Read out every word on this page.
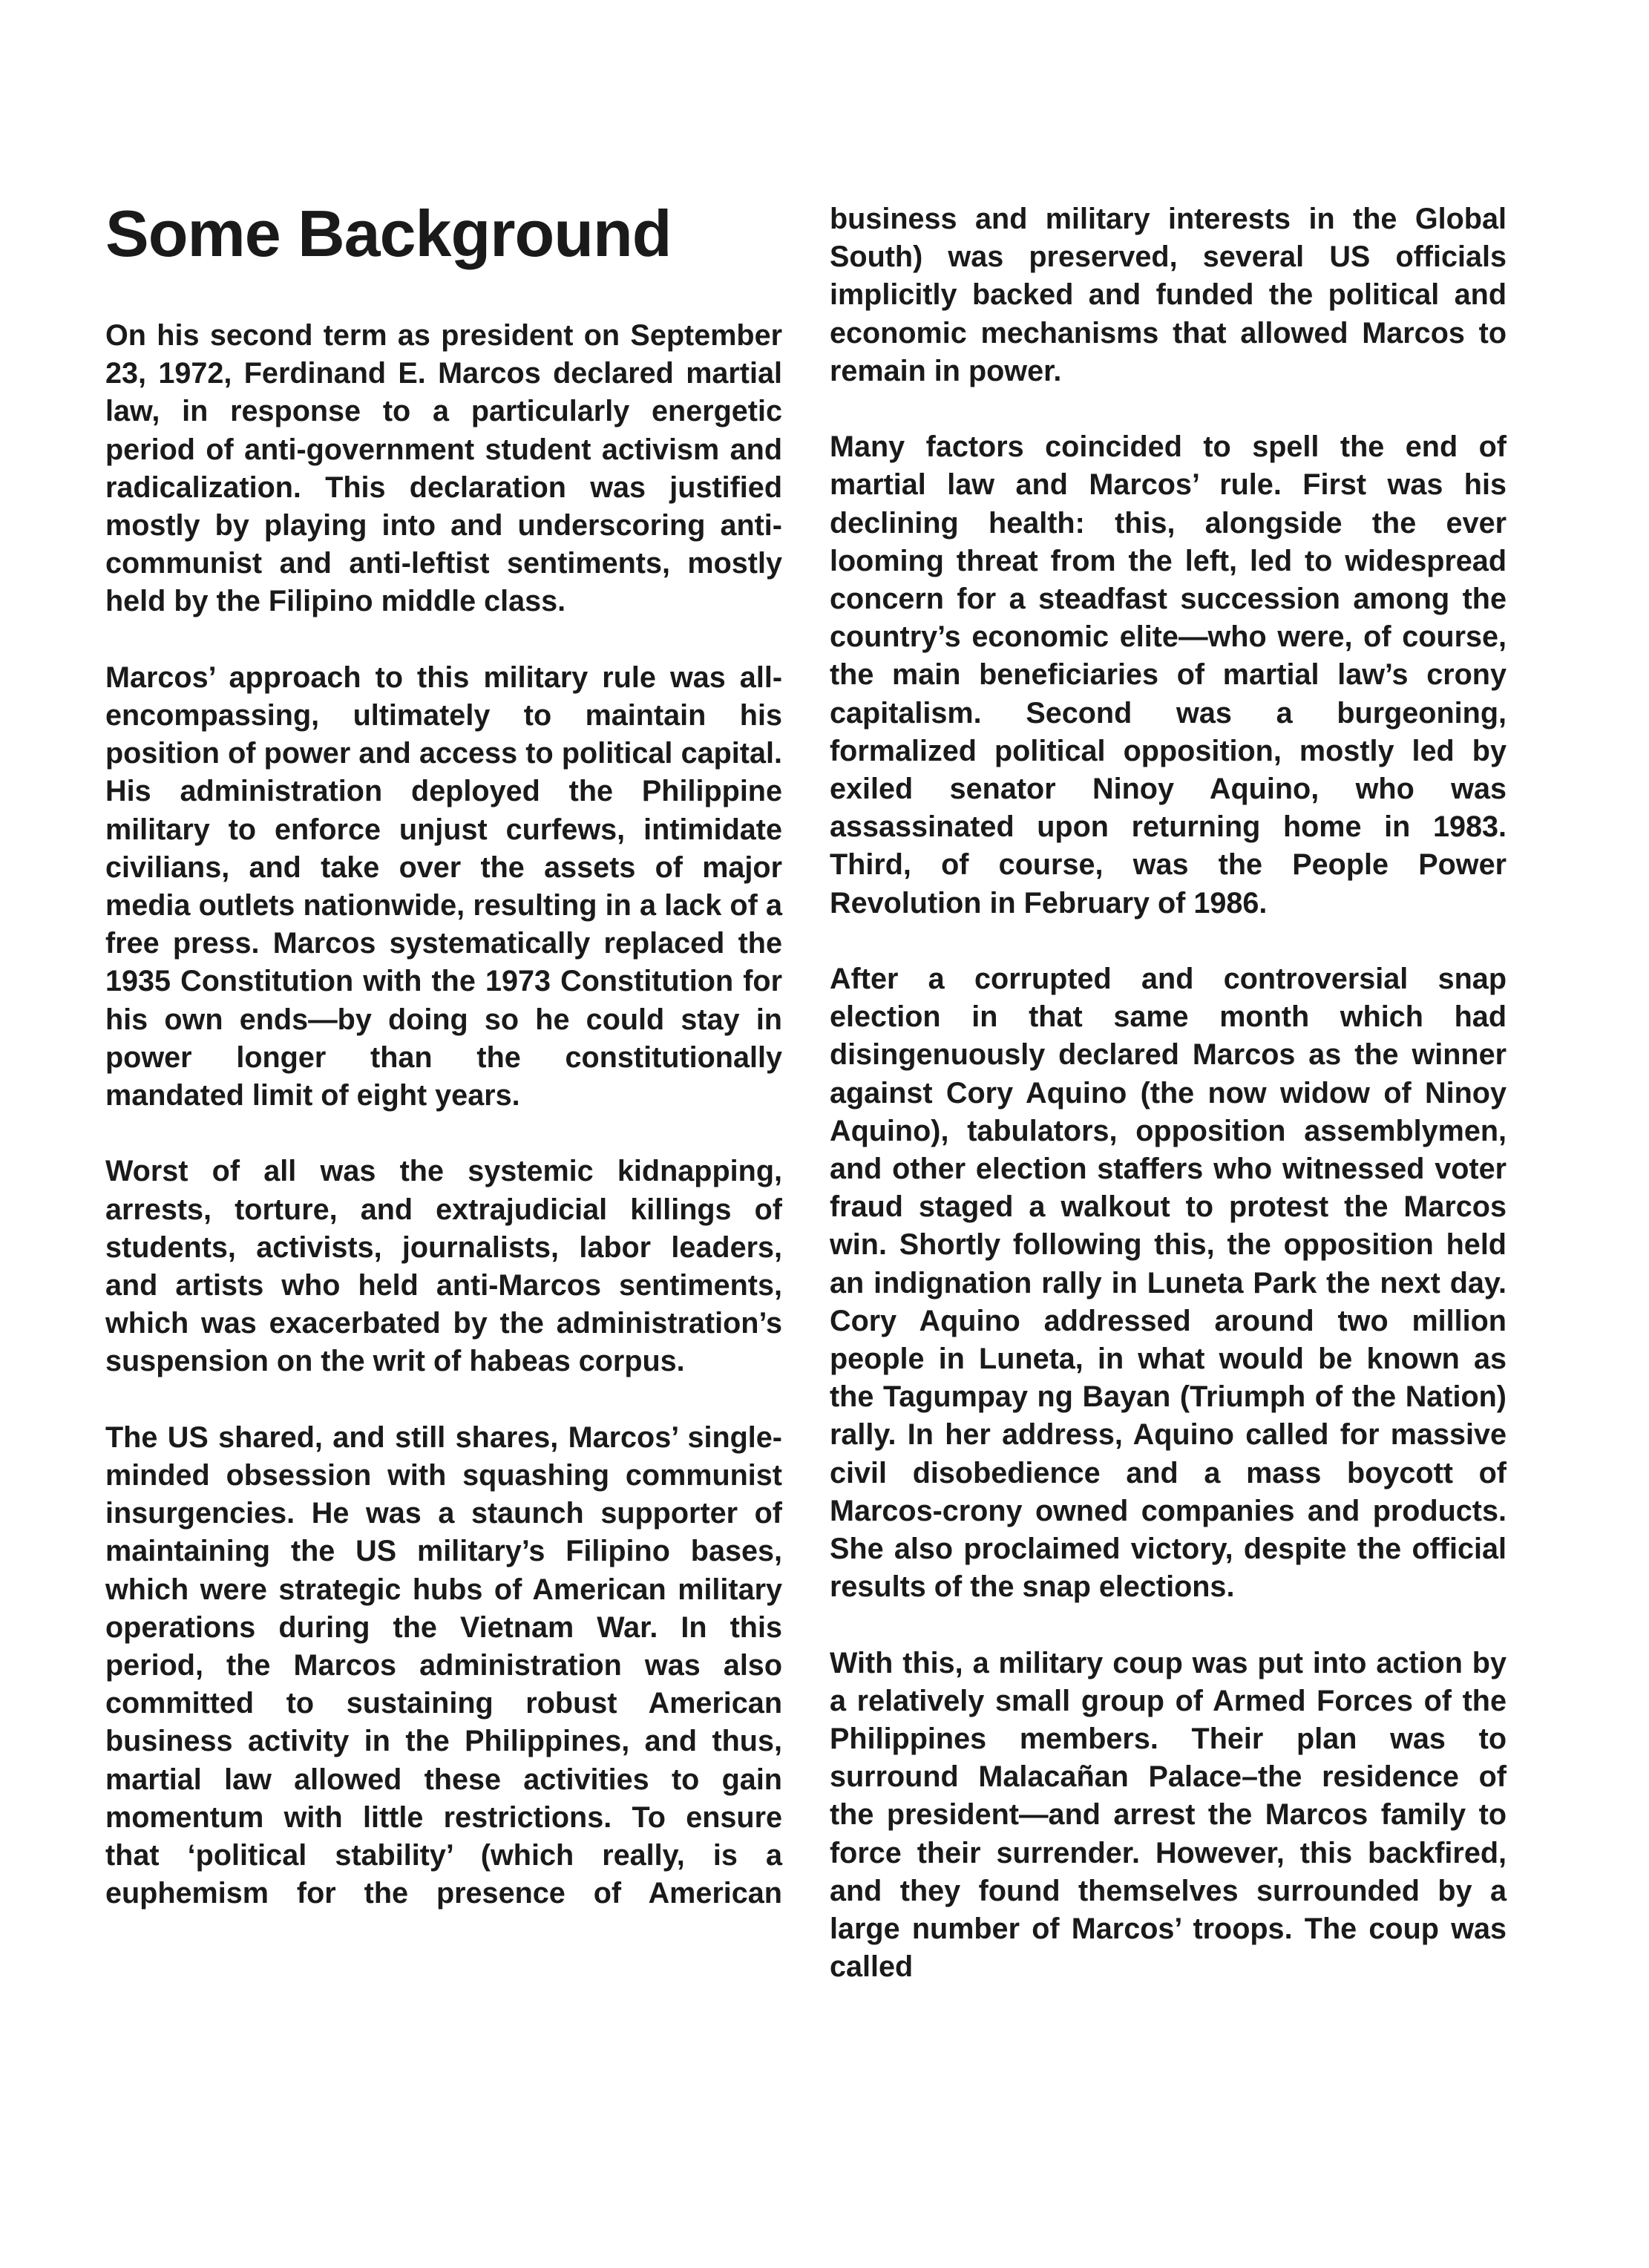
Some Background

On his second term as president on September 23, 1972, Ferdinand E. Marcos declared martial law, in response to a particularly energetic period of anti-government student activism and radicalization. This declaration was justified mostly by playing into and underscoring anti-communist and anti-leftist sentiments, mostly held by the Filipino middle class.

Marcos’ approach to this military rule was all-encompassing, ultimately to maintain his position of power and access to political capital. His administration deployed the Philippine military to enforce unjust curfews, intimidate civilians, and take over the assets of major media outlets nationwide, resulting in a lack of a free press. Marcos systematically replaced the 1935 Constitution with the 1973 Constitution for his own ends—by doing so he could stay in power longer than the constitutionally mandated limit of eight years.

Worst of all was the systemic kidnapping, arrests, torture, and extrajudicial killings of students, activists, journalists, labor leaders, and artists who held anti-Marcos sentiments, which was exacerbated by the administration’s suspension on the writ of habeas corpus.

The US shared, and still shares, Marcos’ single-minded obsession with squashing communist insurgencies. He was a staunch supporter of maintaining the US military’s Filipino bases, which were strategic hubs of American military operations during the Vietnam War. In this period, the Marcos administration was also committed to sustaining robust American business activity in the Philippines, and thus, martial law allowed these activities to gain momentum with little restrictions. To ensure that ‘political stability’ (which really, is a euphemism for the presence of American

business and military interests in the Global South) was preserved, several US officials implicitly backed and funded the political and economic mechanisms that allowed Marcos to remain in power.

Many factors coincided to spell the end of martial law and Marcos’ rule. First was his declining health: this, alongside the ever looming threat from the left, led to widespread concern for a steadfast succession among the country’s economic elite—who were, of course, the main beneficiaries of martial law’s crony capitalism. Second was a burgeoning, formalized political opposition, mostly led by exiled senator Ninoy Aquino, who was assassinated upon returning home in 1983. Third, of course, was the People Power Revolution in February of 1986.

After a corrupted and controversial snap election in that same month which had disingenuously declared Marcos as the winner against Cory Aquino (the now widow of Ninoy Aquino), tabulators, opposition assemblymen, and other election staffers who witnessed voter fraud staged a walkout to protest the Marcos win. Shortly following this, the opposition held an indignation rally in Luneta Park the next day. Cory Aquino addressed around two million people in Luneta, in what would be known as the Tagumpay ng Bayan (Triumph of the Nation) rally. In her address, Aquino called for massive civil disobedience and a mass boycott of Marcos-crony owned companies and products. She also proclaimed victory, despite the official results of the snap elections.

With this, a military coup was put into action by a relatively small group of Armed Forces of the Philippines members. Their plan was to surround Malacañan Palace–the residence of the president—and arrest the Marcos family to force their surrender. However, this backfired, and they found themselves surrounded by a large number of Marcos’ troops. The coup was called
